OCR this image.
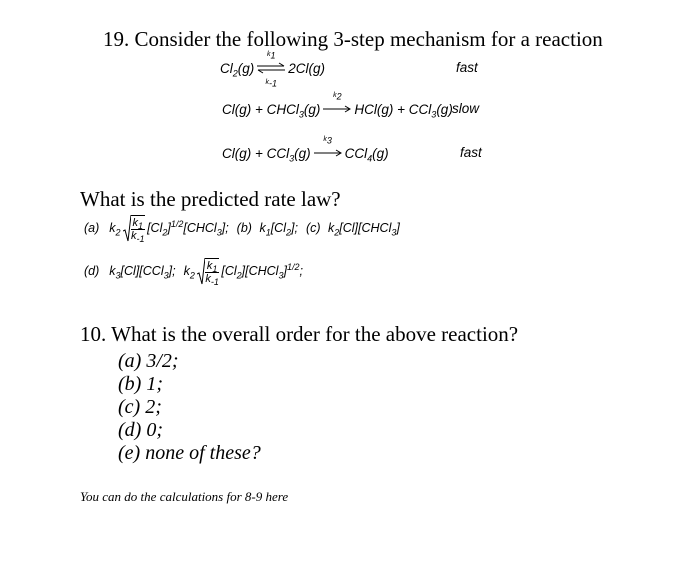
19. Consider the following 3-step mechanism for a reaction
$Cl_2(g)$
$k_1$
$k_{-1}$
2Cl(g)	fast
Cl(g) + CHCl$_3$(g)
$k_2$
HCl(g) + CCl$_3$(g) slow
Cl(g) + CCl$_3$(g)
$k_3$
CCl$_4$(g)	fast
What is the predicted rate law?
(a) $k_2 \frac{k_1}{k_{-1}}$ $[Cl_2]^{1/2}[CHCl_3]$; (b) $k_1[Cl_2]$; (c) $k_2[Cl][CHCl_3]$
(d) $k_3[Cl][CCl_3]$; $k_2 \frac{k_1}{k_{-1}}$ $[Cl_2][CHCl_3]^{1/2}$;
10. What is the overall order for the above reaction?
(a) 3/2;
(b) 1;
(c) 2;
(d) 0;
(e) none of these?
You can do the calculations for 8-9 here
